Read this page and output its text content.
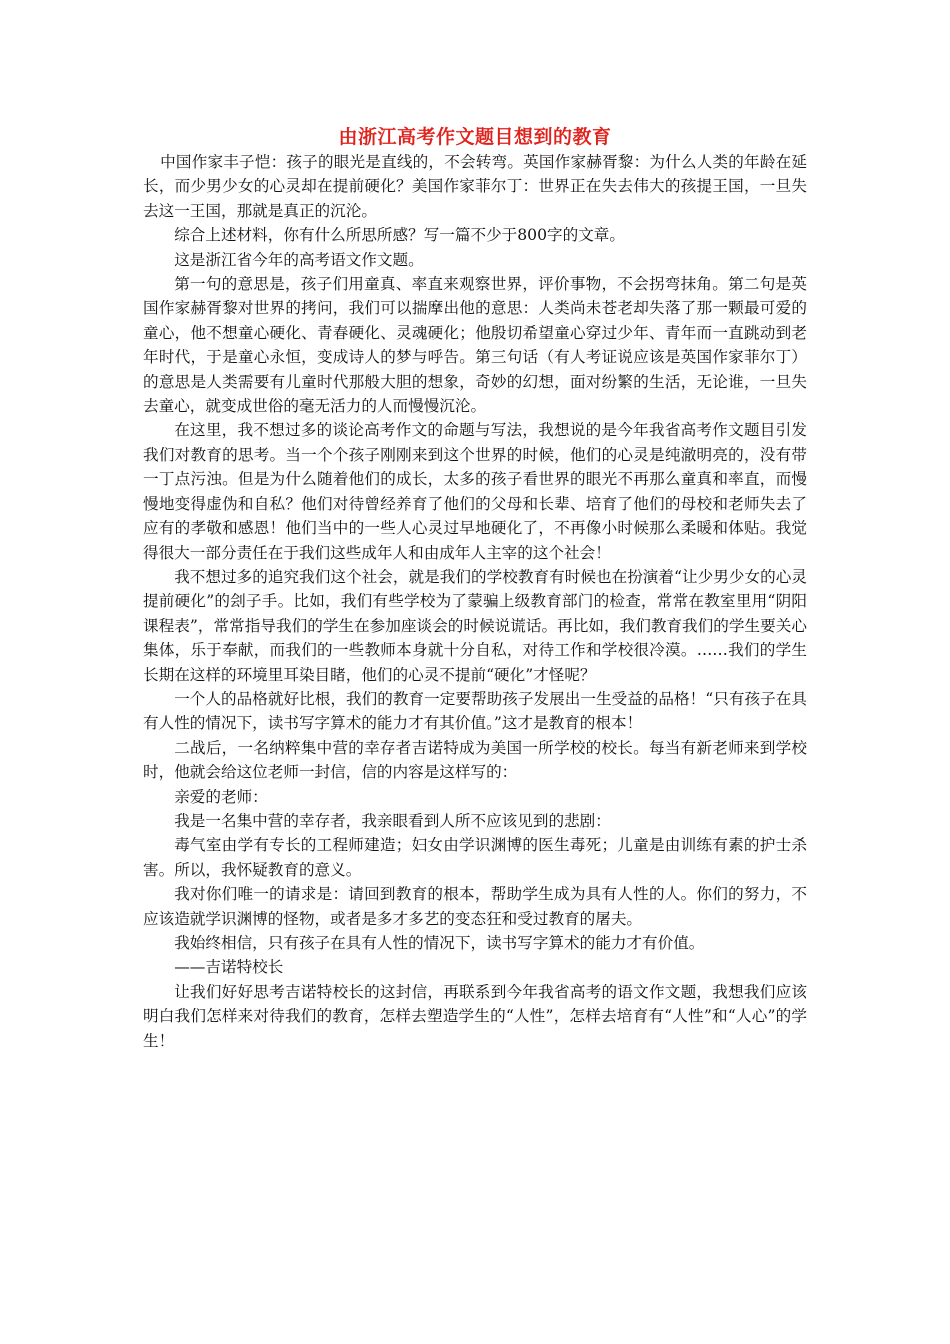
由浙江高考作文题目想到的教育

中国作家丰子恺：孩子的眼光是直线的，不会转弯。英国作家赫胥黎：为什么人类的年龄在延长，而少男少女的心灵却在提前硬化？美国作家菲尔丁：世界正在失去伟大的孩提王国，一旦失去这一王国，那就是真正的沉沦。

综合上述材料，你有什么所思所感？写一篇不少于800字的文章。

这是浙江省今年的高考语文作文题。

第一句的意思是，孩子们用童真、率直来观察世界，评价事物，不会拐弯抹角。第二句是英国作家赫胥黎对世界的拷问，我们可以揣摩出他的意思：人类尚未苍老却失落了那一颗最可爱的童心，他不想童心硬化、青春硬化、灵魂硬化；他殷切希望童心穿过少年、青年而一直跳动到老年时代，于是童心永恒，变成诗人的梦与呼告。第三句话（有人考证说应该是英国作家菲尔丁）的意思是人类需要有儿童时代那般大胆的想象，奇妙的幻想，面对纷繁的生活，无论谁，一旦失去童心，就变成世俗的毫无活力的人而慢慢沉沦。

在这里，我不想过多的谈论高考作文的命题与写法，我想说的是今年我省高考作文题目引发我们对教育的思考。当一个个孩子刚刚来到这个世界的时候，他们的心灵是纯澈明亮的，没有带一丁点污浊。但是为什么随着他们的成长，太多的孩子看世界的眼光不再那么童真和率直，而慢慢地变得虚伪和自私？他们对待曾经养育了他们的父母和长辈、培育了他们的母校和老师失去了应有的孝敬和感恩！他们当中的一些人心灵过早地硬化了，不再像小时候那么柔暖和体贴。我觉得很大一部分责任在于我们这些成年人和由成年人主宰的这个社会！

我不想过多的追究我们这个社会，就是我们的学校教育有时候也在扮演着“让少男少女的心灵提前硬化”的刽子手。比如，我们有些学校为了蒙骗上级教育部门的检查，常常在教室里用“阴阳课程表”，常常指导我们的学生在参加座谈会的时候说谎话。再比如，我们教育我们的学生要关心集体，乐于奉献，而我们的一些教师本身就十分自私，对待工作和学校很冷漠。……我们的学生长期在这样的环境里耳染目睹，他们的心灵不提前“硬化”才怪呢？

一个人的品格就好比根，我们的教育一定要帮助孩子发展出一生受益的品格！“只有孩子在具有人性的情况下，读书写字算术的能力才有其价值。”这才是教育的根本！

二战后，一名纳粹集中营的幸存者吉诺特成为美国一所学校的校长。每当有新老师来到学校时，他就会给这位老师一封信，信的内容是这样写的：

亲爱的老师：

我是一名集中营的幸存者，我亲眼看到人所不应该见到的悲剧：

毒气室由学有专长的工程师建造；妇女由学识渊博的医生毒死；儿童是由训练有素的护士杀害。所以，我怀疑教育的意义。

我对你们唯一的请求是：请回到教育的根本，帮助学生成为具有人性的人。你们的努力，不应该造就学识渊博的怪物，或者是多才多艺的变态狂和受过教育的屠夫。

我始终相信，只有孩子在具有人性的情况下，读书写字算术的能力才有价值。

——吉诺特校长

让我们好好思考吉诺特校长的这封信，再联系到今年我省高考的语文作文题，我想我们应该明白我们怎样来对待我们的教育，怎样去塑造学生的“人性”，怎样去培育有“人性”和“人心”的学生！
